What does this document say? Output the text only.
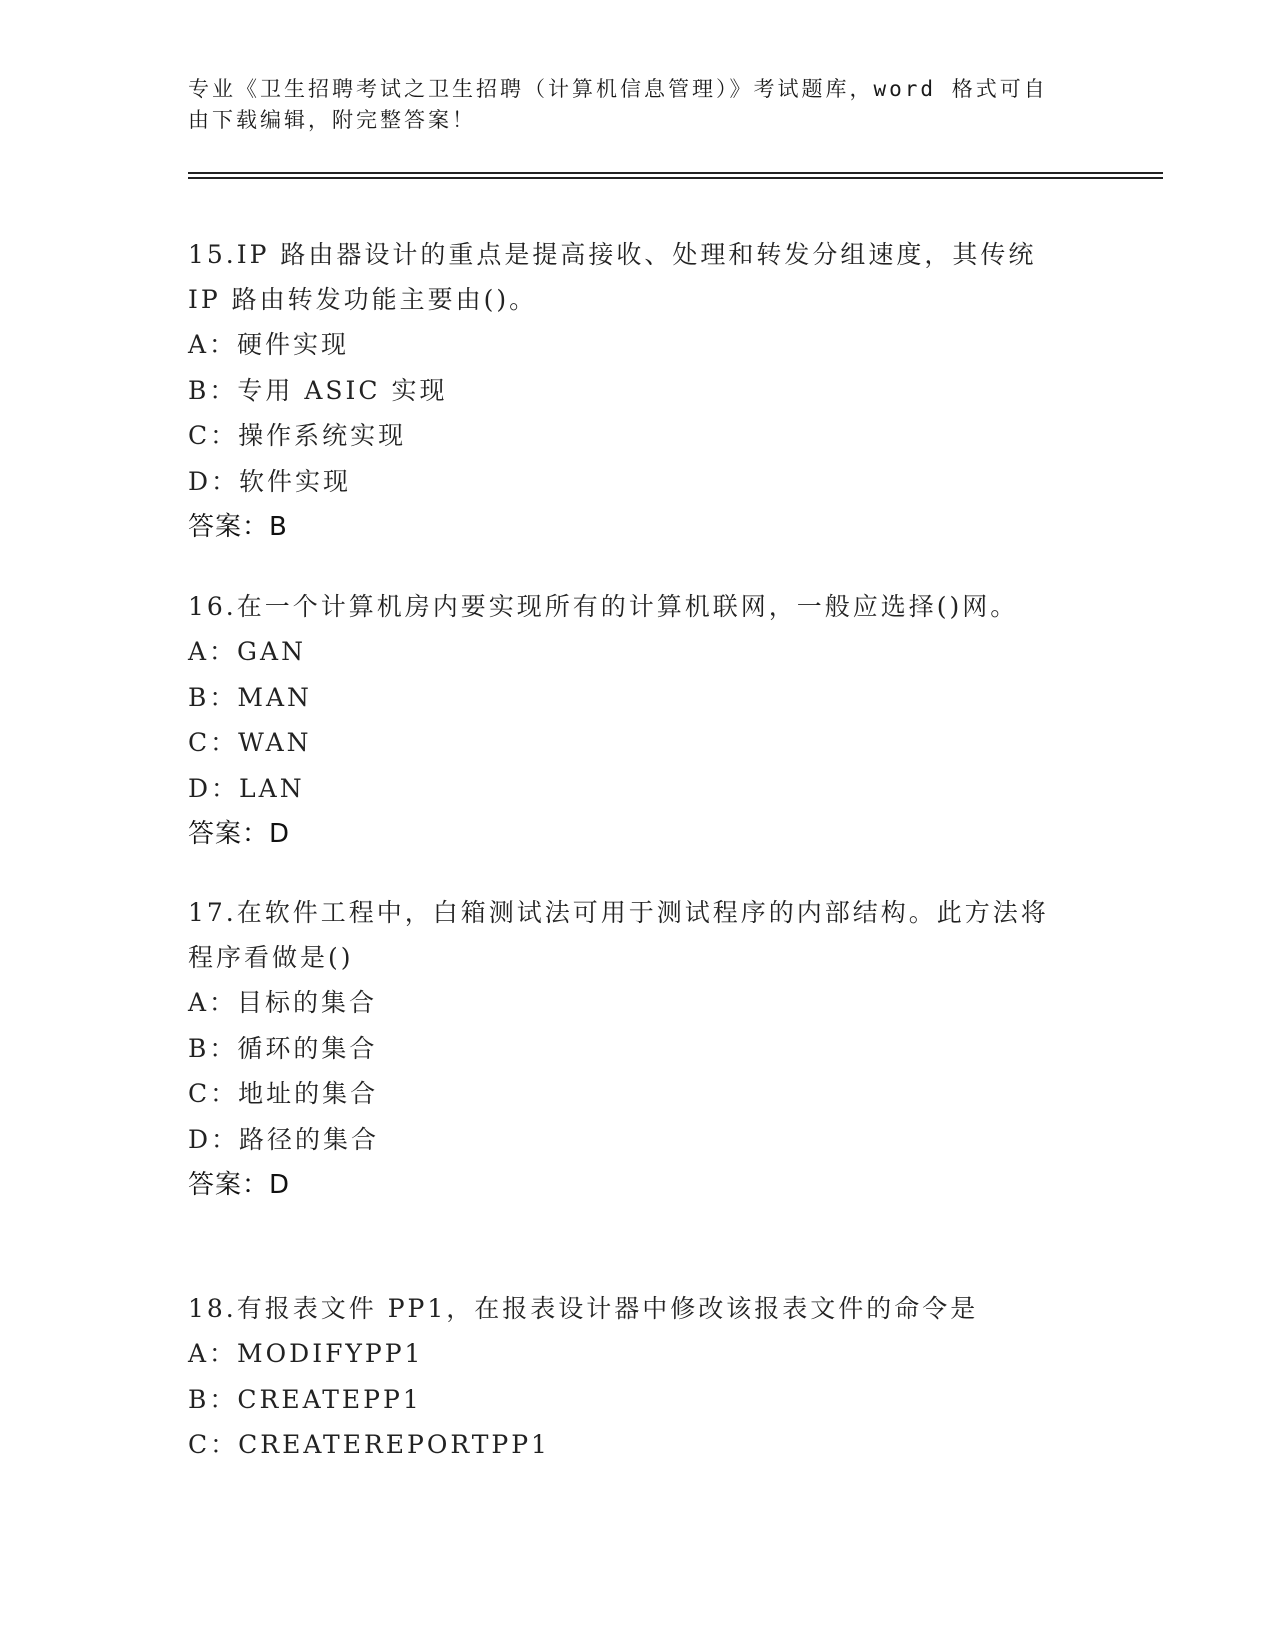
专业《卫生招聘考试之卫生招聘（计算机信息管理）》考试题库，word 格式可自
由下载编辑，附完整答案！
15.IP 路由器设计的重点是提高接收、处理和转发分组速度，其传统
IP 路由转发功能主要由()。
A：硬件实现
B：专用 ASIC 实现
C：操作系统实现
D：软件实现
答案：B
16.在一个计算机房内要实现所有的计算机联网，一般应选择()网。
A：GAN
B：MAN
C：WAN
D：LAN
答案：D
17.在软件工程中，白箱测试法可用于测试程序的内部结构。此方法将
程序看做是()
A：目标的集合
B：循环的集合
C：地址的集合
D：路径的集合
答案：D
18.有报表文件 PP1，在报表设计器中修改该报表文件的命令是
A：MODIFYPP1
B：CREATEPP1
C：CREATEREPORTPP1
